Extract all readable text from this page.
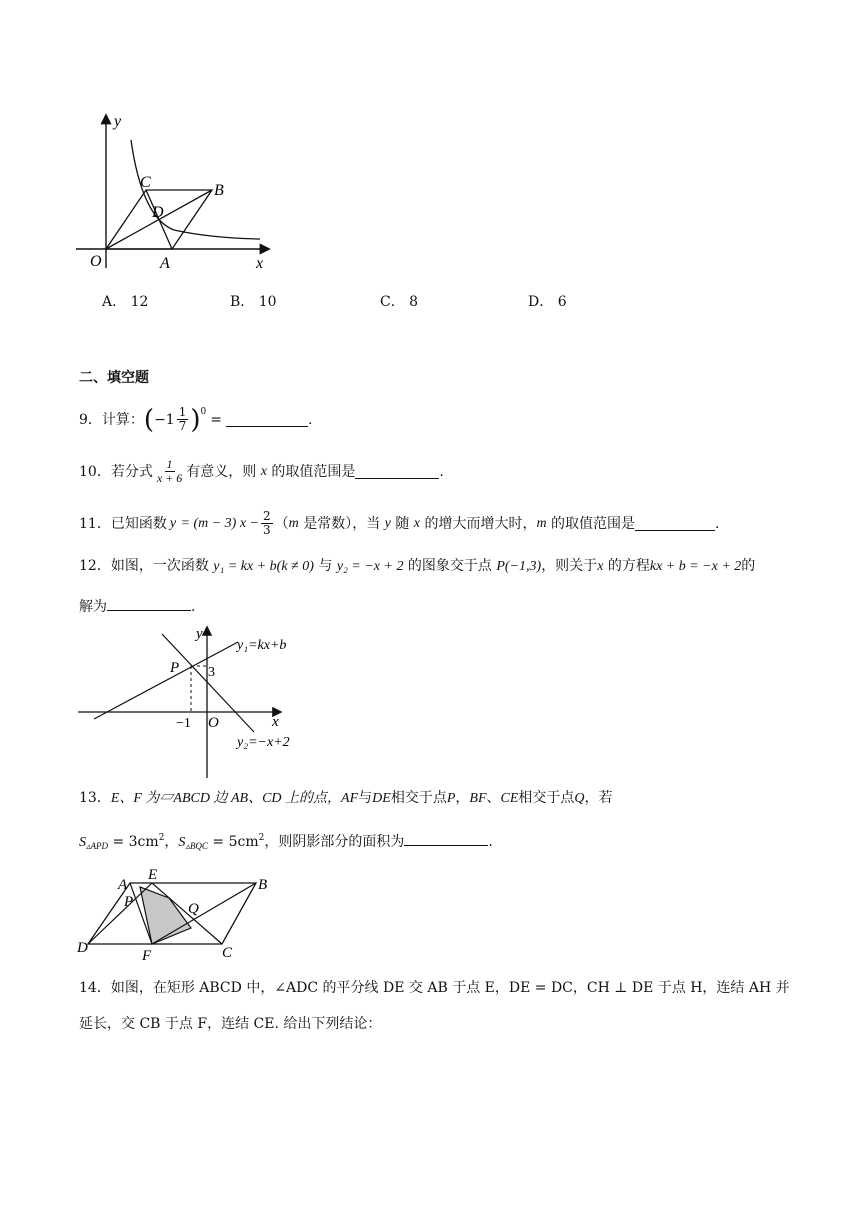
y
x
O	A
B
C
D
A． 12	B． 10	C． 8	D． 6
二、填空题
9． 计算： ( $-1 \frac{1}{7}$ ) 0 =	.
10． 若分式 $\frac{1}{x + 6}$ 有意义，则
x
的取值范围是	.
11． 已知函数 y
= (m − 3) $x - \frac{2}{3}$ （ m
是常数），当
y
随
x
的增大而增大时， m
的取值范围是	.
12．如图，一次函数 y₁ = kx + b(k ≠ 0) 与 y₂ = −x + 2 的图象交于点 P(−1,3)，则关于x 的方程kx + b = −x + 2的
解为	.
y
x
P 3
−1 O
y₁=kx+b
y₂=−x+2
13．E、F 为▱ABCD 边 AB、CD 上的点，AF与DE相交于点P，BF、CE相交于点Q，若
$S_{▵APD} = 3cm^2$，$S_{▵BQC} = 5cm^2$，则阴影部分的面积为	.
A
E
B
P	Q
D	F	C
14．如图，在矩形 ABCD 中，∠ADC 的平分线 DE 交 AB 于点 E，DE = DC，CH ⊥ DE 于点 H，连结 AH 并
延长，交 CB 于点 F，连结 CE. 给出下列结论：
